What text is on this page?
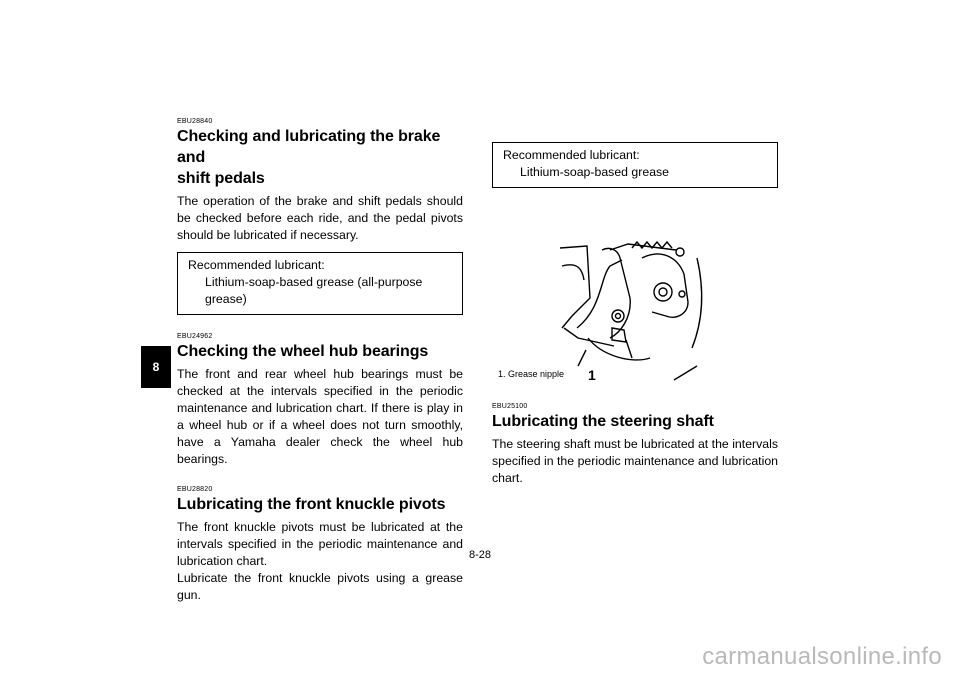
8
EBU28840
Checking and lubricating the brake and
shift pedals

The operation of the brake and shift pedals should be checked before each ride, and the pedal pivots should be lubricated if necessary.

Recommended lubricant:
Lithium-soap-based grease (all-purpose grease)
EBU24962
Checking the wheel hub bearings

The front and rear wheel hub bearings must be checked at the intervals specified in the periodic maintenance and lubrication chart. If there is play in a wheel hub or if a wheel does not turn smoothly, have a Yamaha dealer check the wheel hub bearings.

EBU28820
Lubricating the front knuckle pivots

The front knuckle pivots must be lubricated at the intervals specified in the periodic maintenance and lubrication chart.

Lubricate the front knuckle pivots using a grease gun.

Recommended lubricant:
Lithium-soap-based grease
1
1. Grease nipple
EBU25100
Lubricating the steering shaft

The steering shaft must be lubricated at the intervals specified in the periodic maintenance and lubrication chart.

8-28
carmanualsonline.info
